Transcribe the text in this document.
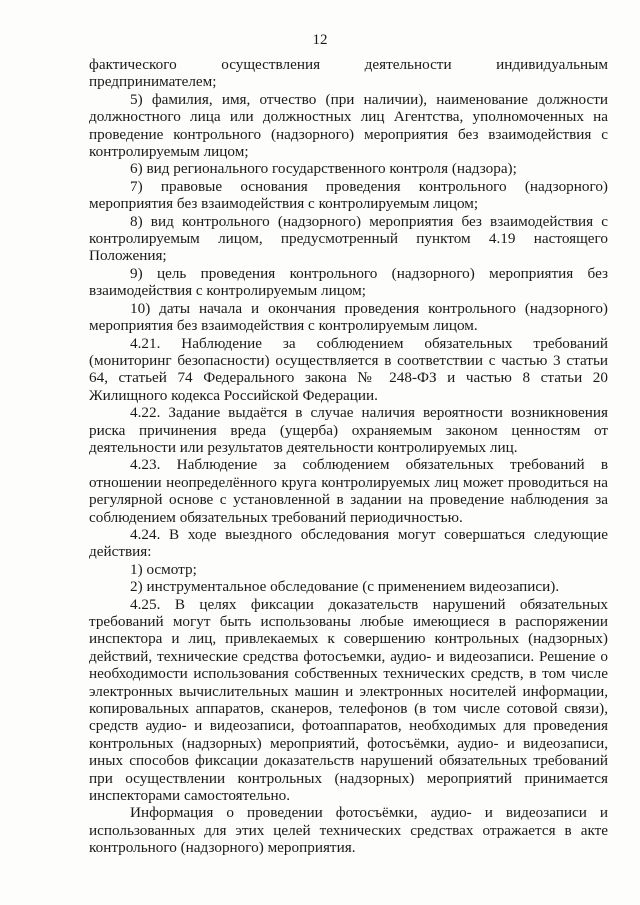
12

фактического осуществления деятельности индивидуальным предпринимателем;

5) фамилия, имя, отчество (при наличии), наименование должности должностного лица или должностных лиц Агентства, уполномоченных на проведение контрольного (надзорного) мероприятия без взаимодействия с контролируемым лицом;

6) вид регионального государственного контроля (надзора);

7) правовые основания проведения контрольного (надзорного) мероприятия без взаимодействия с контролируемым лицом;

8) вид контрольного (надзорного) мероприятия без взаимодействия с контролируемым лицом, предусмотренный пунктом 4.19 настоящего Положения;

9) цель проведения контрольного (надзорного) мероприятия без взаимодействия с контролируемым лицом;

10) даты начала и окончания проведения контрольного (надзорного) мероприятия без взаимодействия с контролируемым лицом.

4.21. Наблюдение за соблюдением обязательных требований (мониторинг безопасности) осуществляется в соответствии с частью 3 статьи 64, статьей 74 Федерального закона № 248-ФЗ и частью 8 статьи 20 Жилищного кодекса Российской Федерации.

4.22. Задание выдаётся в случае наличия вероятности возникновения риска причинения вреда (ущерба) охраняемым законом ценностям от деятельности или результатов деятельности контролируемых лиц.

4.23. Наблюдение за соблюдением обязательных требований в отношении неопределённого круга контролируемых лиц может проводиться на регулярной основе с установленной в задании на проведение наблюдения за соблюдением обязательных требований периодичностью.

4.24. В ходе выездного обследования могут совершаться следующие действия:

1) осмотр;

2) инструментальное обследование (с применением видеозаписи).

4.25. В целях фиксации доказательств нарушений обязательных требований могут быть использованы любые имеющиеся в распоряжении инспектора и лиц, привлекаемых к совершению контрольных (надзорных) действий, технические средства фотосъемки, аудио- и видеозаписи. Решение о необходимости использования собственных технических средств, в том числе электронных вычислительных машин и электронных носителей информации, копировальных аппаратов, сканеров, телефонов (в том числе сотовой связи), средств аудио- и видеозаписи, фотоаппаратов, необходимых для проведения контрольных (надзорных) мероприятий, фотосъёмки, аудио- и видеозаписи, иных способов фиксации доказательств нарушений обязательных требований при осуществлении контрольных (надзорных) мероприятий принимается инспекторами самостоятельно.

Информация о проведении фотосъёмки, аудио- и видеозаписи и использованных для этих целей технических средствах отражается в акте контрольного (надзорного) мероприятия.
